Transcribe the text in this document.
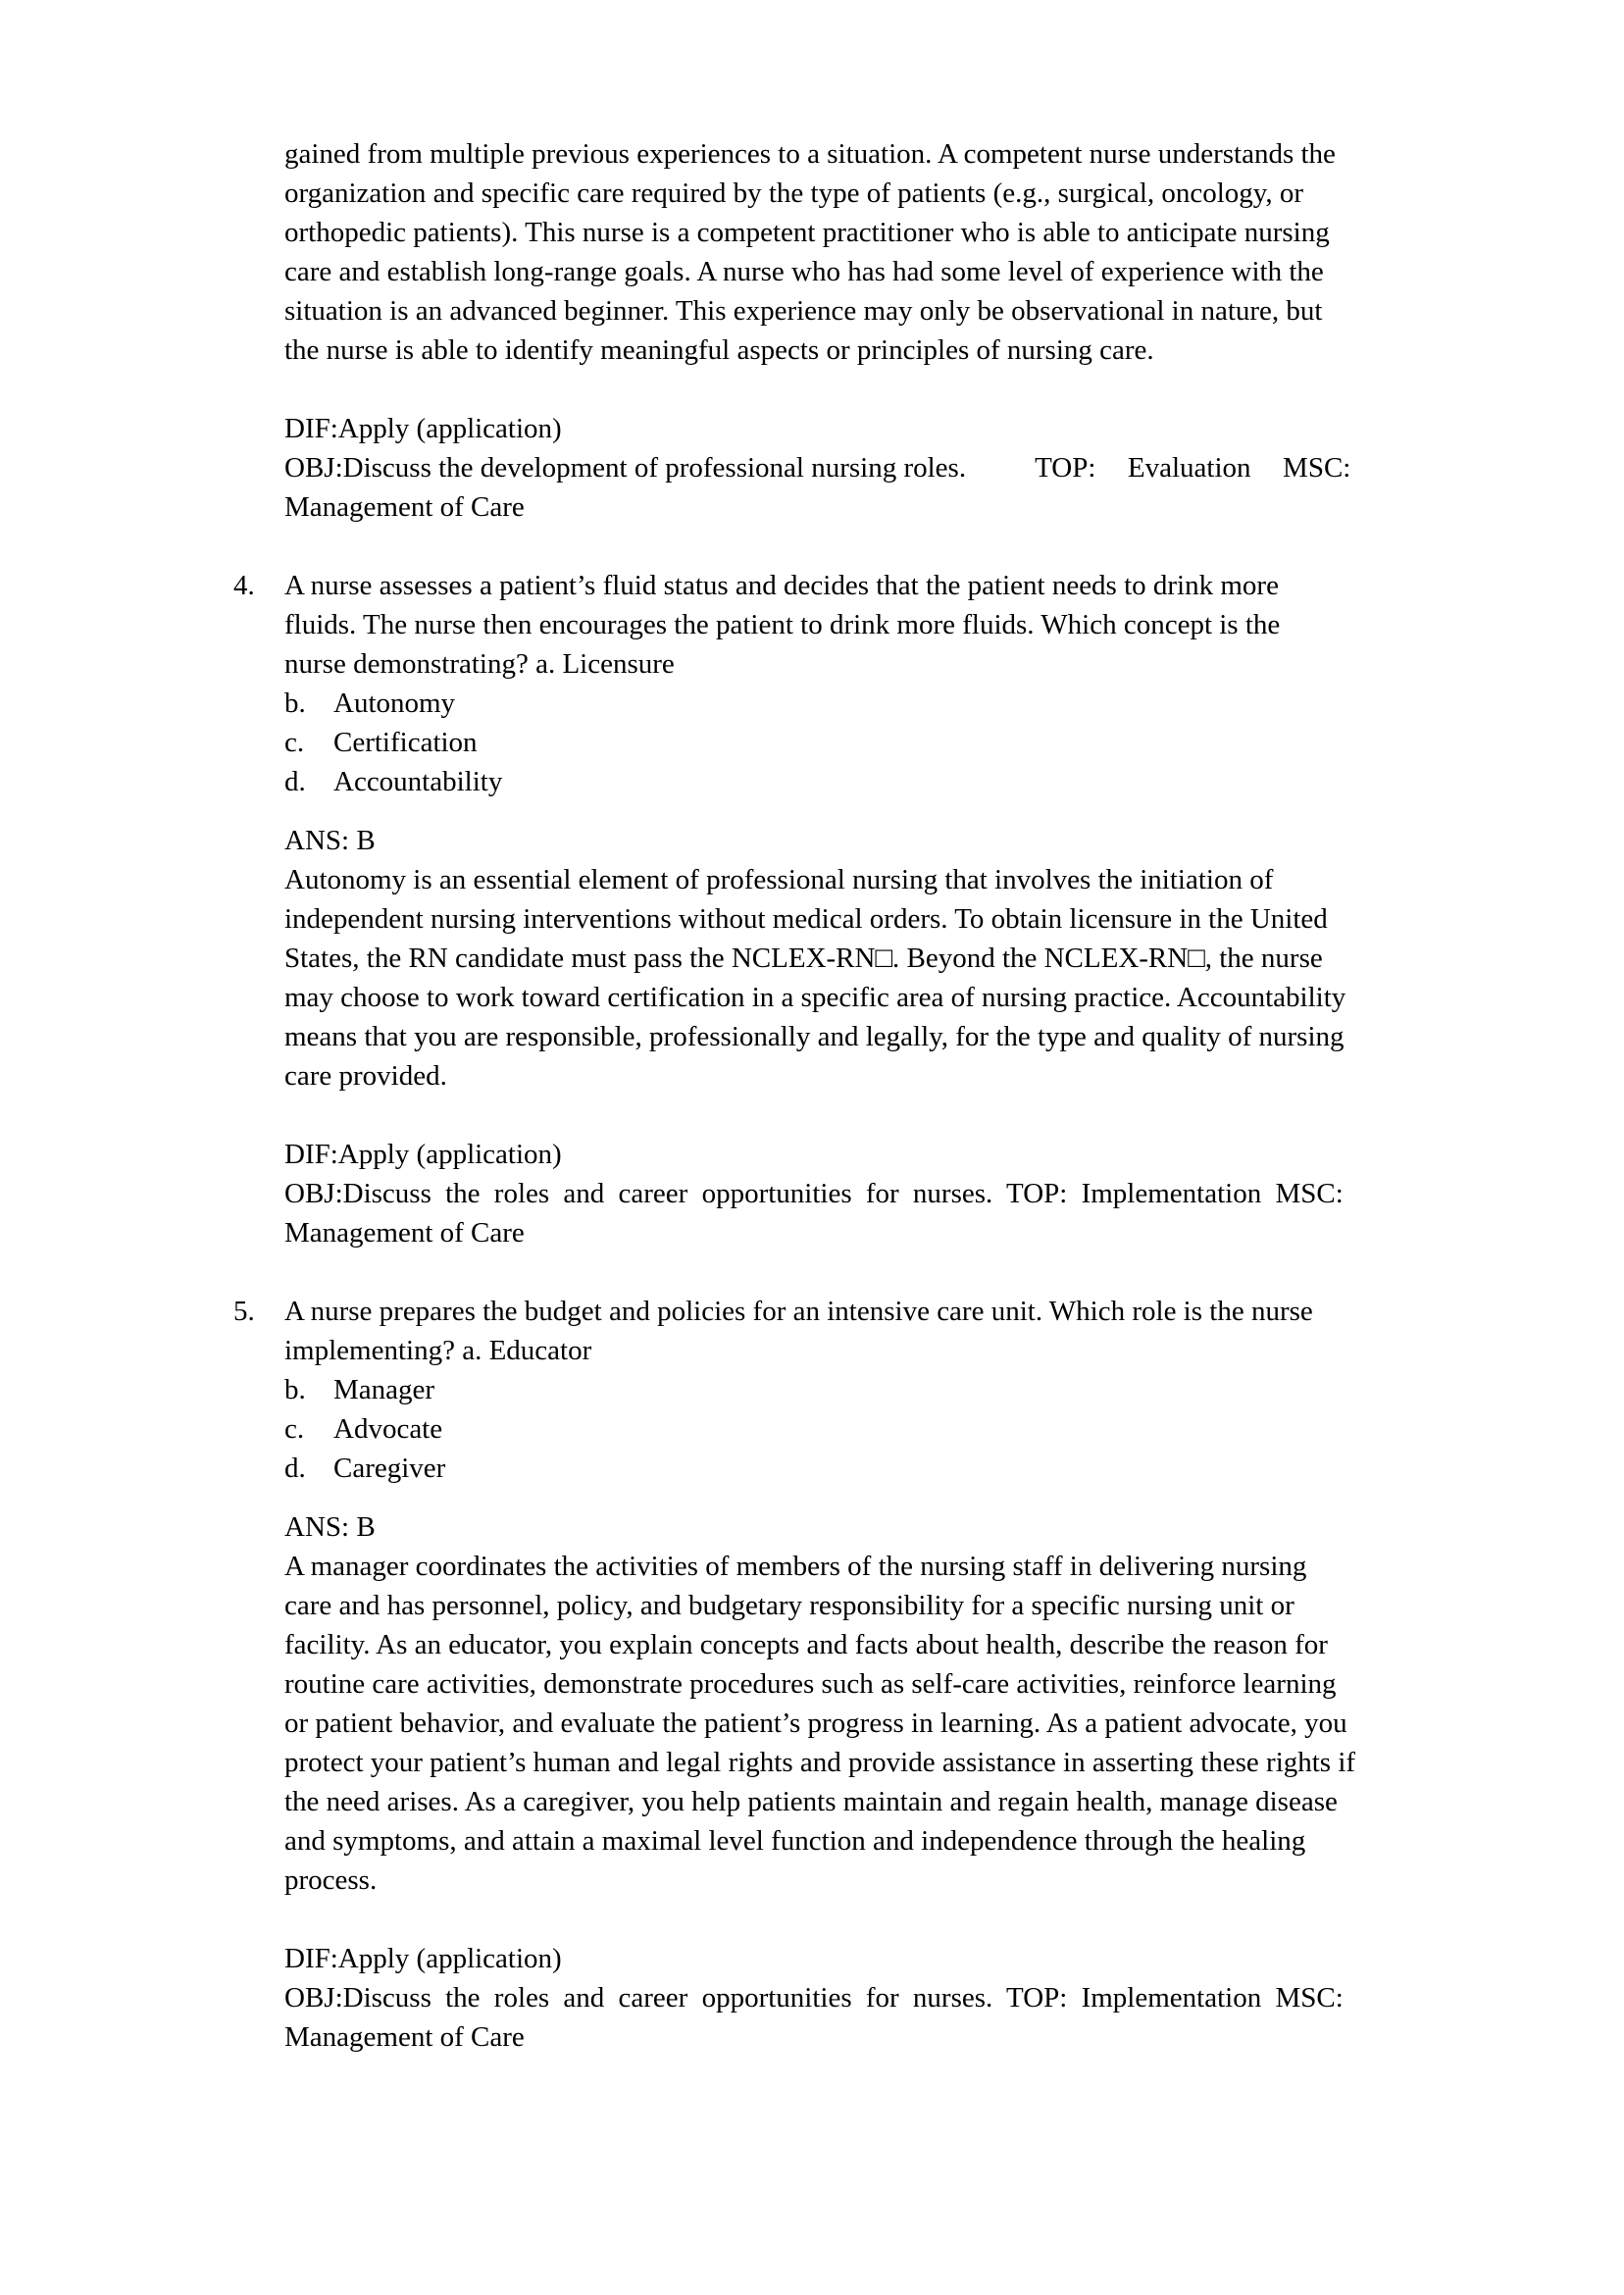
gained from multiple previous experiences to a situation. A competent nurse understands the
organization and specific care required by the type of patients (e.g., surgical, oncology, or
orthopedic patients). This nurse is a competent practitioner who is able to anticipate nursing
care and establish long-range goals. A nurse who has had some level of experience with the
situation is an advanced beginner. This experience may only be observational in nature, but
the nurse is able to identify meaningful aspects or principles of nursing care.
DIF:Apply (application)
OBJ:Discuss the development of professional nursing roles. TOP:  Evaluation  MSC:
Management of Care
4.	A nurse assesses a patient’s fluid status and decides that the patient needs to drink more
fluids. The nurse then encourages the patient to drink more fluids. Which concept is the
nurse demonstrating? a. Licensure
b. Autonomy
c.	Certification
d. Accountability
ANS: B
Autonomy is an essential element of professional nursing that involves the initiation of
independent nursing interventions without medical orders. To obtain licensure in the United
States, the RN candidate must pass the NCLEX-RN□. Beyond the NCLEX-RN□, the nurse
may choose to work toward certification in a specific area of nursing practice. Accountability
means that you are responsible, professionally and legally, for the type and quality of nursing
care provided.
DIF:Apply (application)
OBJ:Discuss the roles and career opportunities for nurses. TOP: Implementation MSC:
Management of Care
5.	A nurse prepares the budget and policies for an intensive care unit. Which role is the nurse
implementing? a. Educator
b. Manager
c.	Advocate
d. Caregiver
ANS: B
A manager coordinates the activities of members of the nursing staff in delivering nursing
care and has personnel, policy, and budgetary responsibility for a specific nursing unit or
facility. As an educator, you explain concepts and facts about health, describe the reason for
routine care activities, demonstrate procedures such as self-care activities, reinforce learning
or patient behavior, and evaluate the patient’s progress in learning. As a patient advocate, you
protect your patient’s human and legal rights and provide assistance in asserting these rights if
the need arises. As a caregiver, you help patients maintain and regain health, manage disease
and symptoms, and attain a maximal level function and independence through the healing
process.
DIF:Apply (application)
OBJ:Discuss the roles and career opportunities for nurses. TOP: Implementation MSC:
Management of Care
